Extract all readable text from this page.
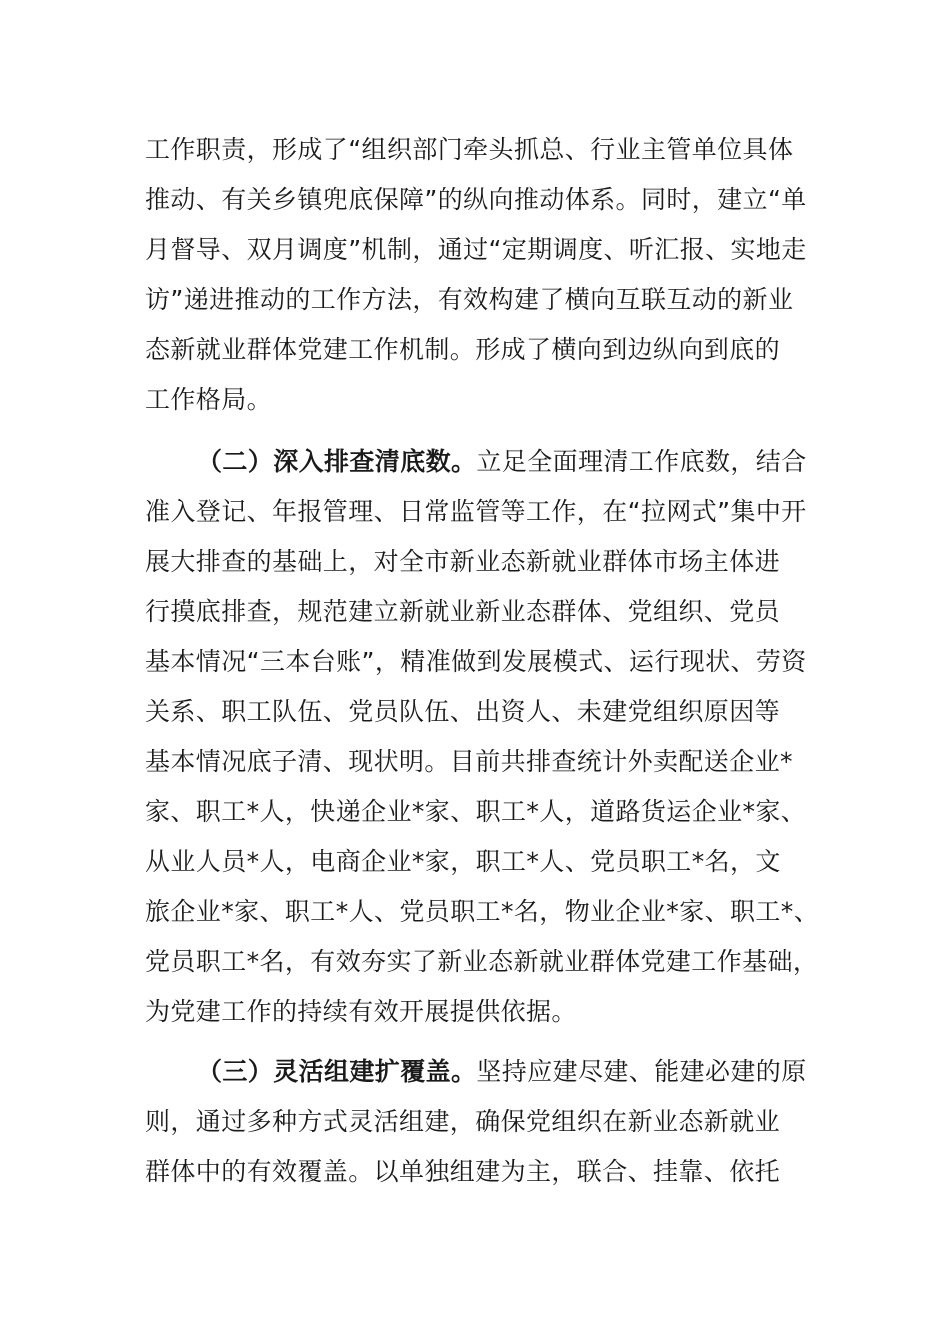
工作职责，形成了“组织部门牵头抓总、行业主管单位具体
推动、有关乡镇兜底保障”的纵向推动体系。同时，建立“单
月督导、双月调度”机制，通过“定期调度、听汇报、实地走
访”递进推动的工作方法，有效构建了横向互联互动的新业
态新就业群体党建工作机制。形成了横向到边纵向到底的
工作格局。
（二）深入排查清底数。立足全面理清工作底数，结合
准入登记、年报管理、日常监管等工作，在“拉网式”集中开
展大排查的基础上，对全市新业态新就业群体市场主体进
行摸底排查，规范建立新就业新业态群体、党组织、党员
基本情况“三本台账”，精准做到发展模式、运行现状、劳资
关系、职工队伍、党员队伍、出资人、未建党组织原因等
基本情况底子清、现状明。目前共排查统计外卖配送企业*
家、职工*人，快递企业*家、职工*人，道路货运企业*家、
从业人员*人，电商企业*家，职工*人、党员职工*名，文
旅企业*家、职工*人、党员职工*名，物业企业*家、职工*、
党员职工*名，有效夯实了新业态新就业群体党建工作基础，
为党建工作的持续有效开展提供依据。
（三）灵活组建扩覆盖。坚持应建尽建、能建必建的原
则，通过多种方式灵活组建，确保党组织在新业态新就业
群体中的有效覆盖。以单独组建为主，联合、挂靠、依托
